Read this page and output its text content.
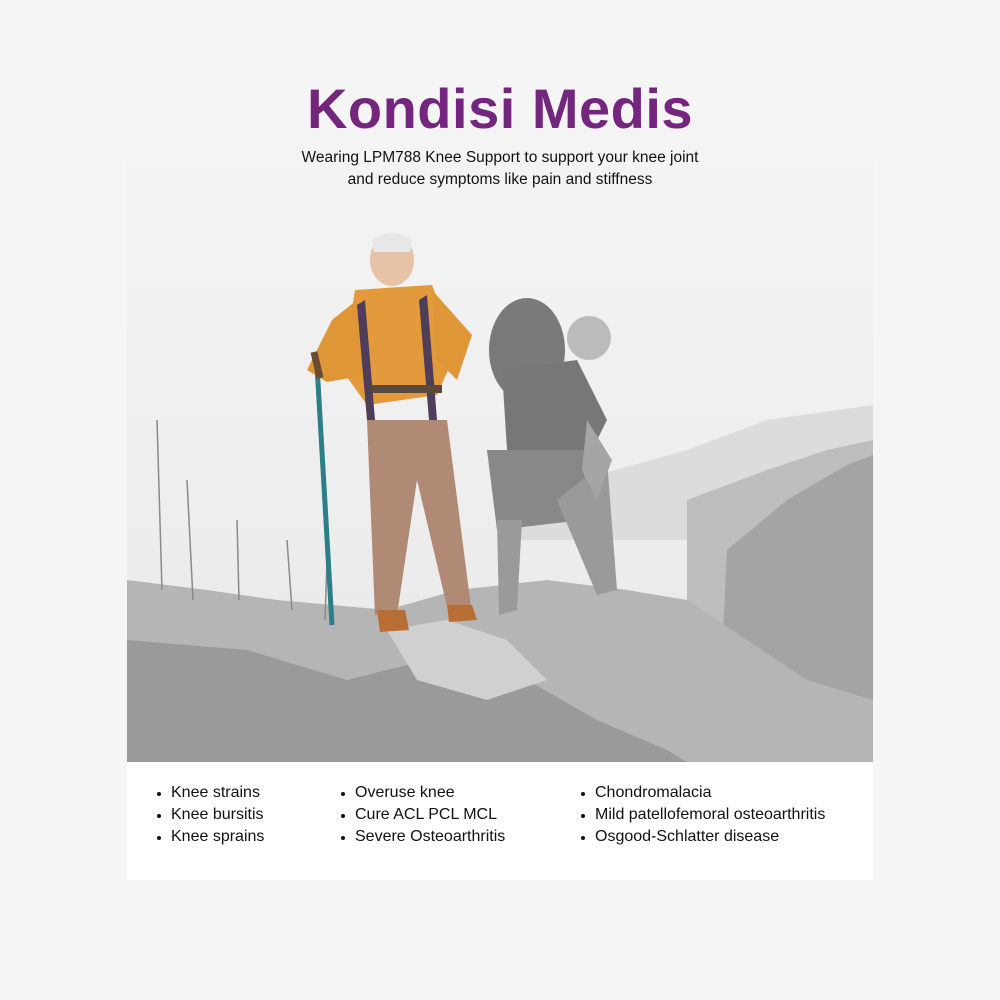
Kondisi Medis
Wearing LPM788 Knee Support to support your knee joint
and reduce symptoms like pain and stiffness
Knee strains
Knee bursitis
Knee sprains
Overuse knee
Cure ACL PCL MCL
Severe Osteoarthritis
Chondromalacia
Mild patellofemoral osteoarthritis
Osgood-Schlatter disease
